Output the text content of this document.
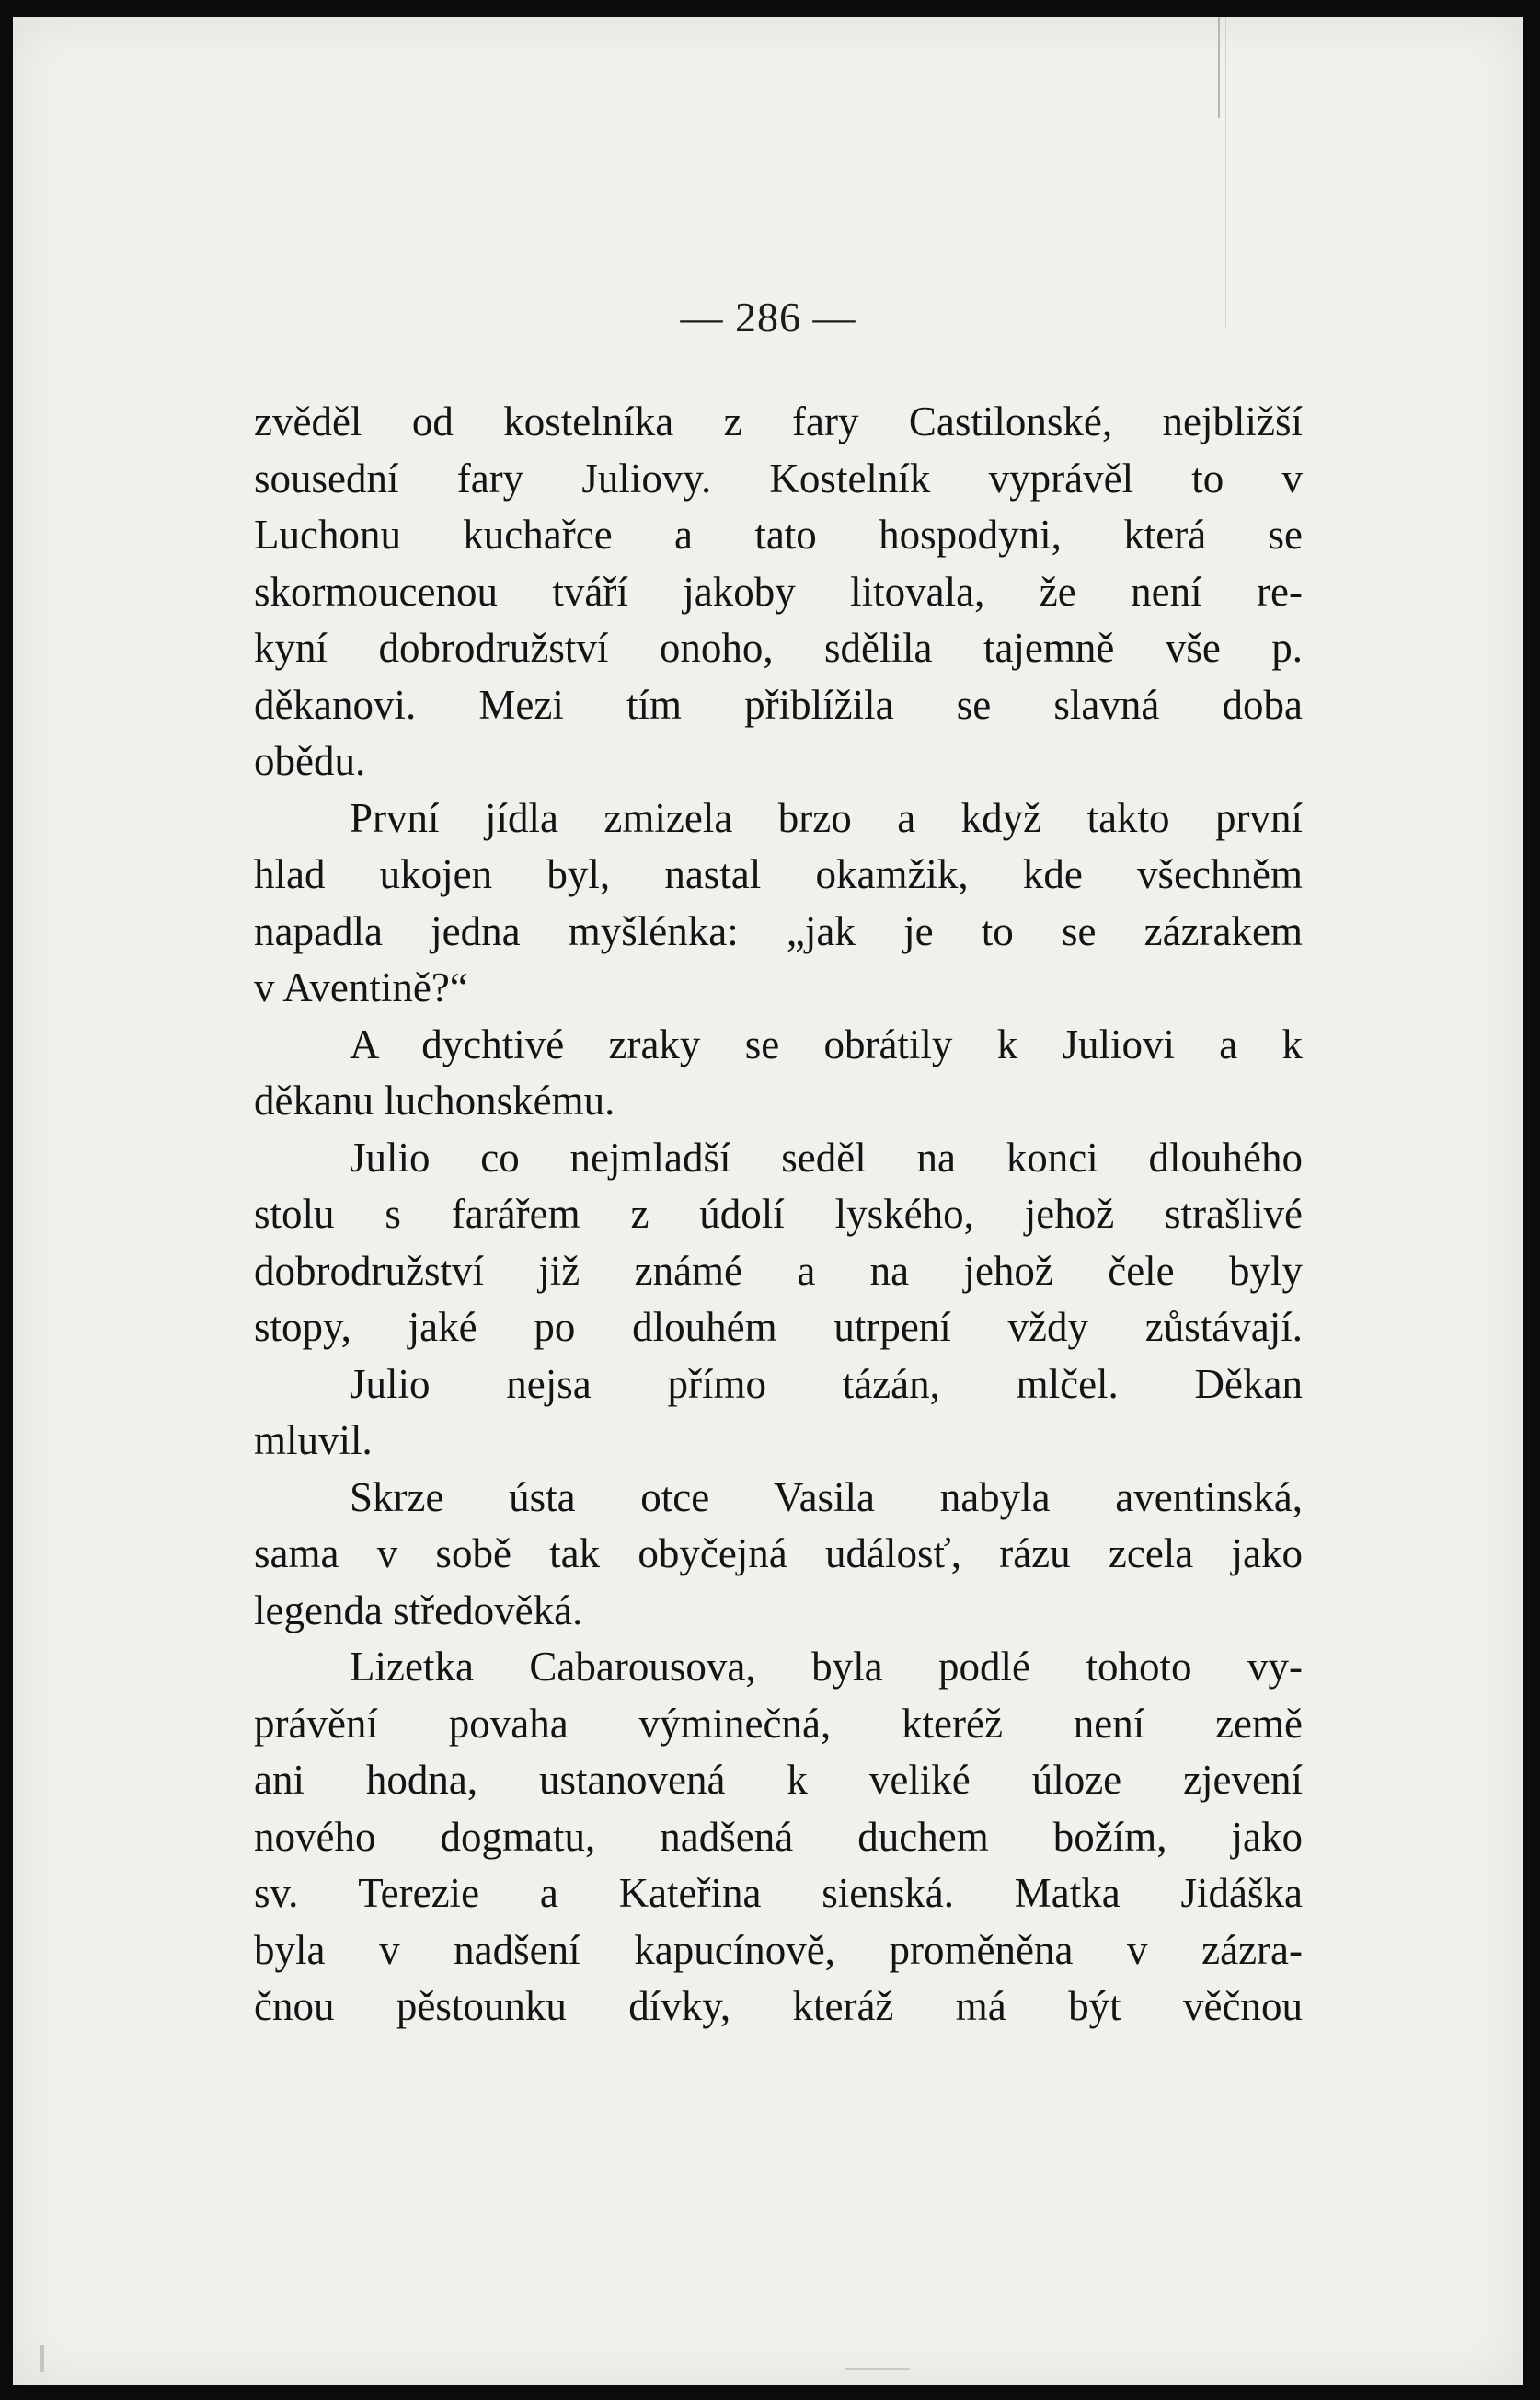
— 286 —
zvěděl od kostelníka z fary Castilonské, nejbližší
sousední fary Juliovy. Kostelník vyprávěl to v
Luchonu kuchařce a tato hospodyni, která se
skormoucenou tváří jakoby litovala, že není re-
kyní dobrodružství onoho, sdělila tajemně vše p.
děkanovi. Mezi tím přiblížila se slavná doba
obědu.
První jídla zmizela brzo a když takto první
hlad ukojen byl, nastal okamžik, kde všechněm
napadla jedna myšlénka: „jak je to se zázrakem
v Aventině?“
A dychtivé zraky se obrátily k Juliovi a k
děkanu luchonskému.
Julio co nejmladší seděl na konci dlouhého
stolu s farářem z údolí lyského, jehož strašlivé
dobrodružství již známé a na jehož čele byly
stopy, jaké po dlouhém utrpení vždy zůstávají.
Julio nejsa přímo tázán, mlčel. Děkan
mluvil.
Skrze ústa otce Vasila nabyla aventinská,
sama v sobě tak obyčejná událosť, rázu zcela jako
legenda středověká.
Lizetka Cabarousova, byla podlé tohoto vy-
právění povaha výminečná, kteréž není země
ani hodna, ustanovená k veliké úloze zjevení
nového dogmatu, nadšená duchem božím, jako
sv. Terezie a Kateřina sienská. Matka Jidáška
byla v nadšení kapucínově, proměněna v zázra-
čnou pěstounku dívky, kteráž má být věčnou
